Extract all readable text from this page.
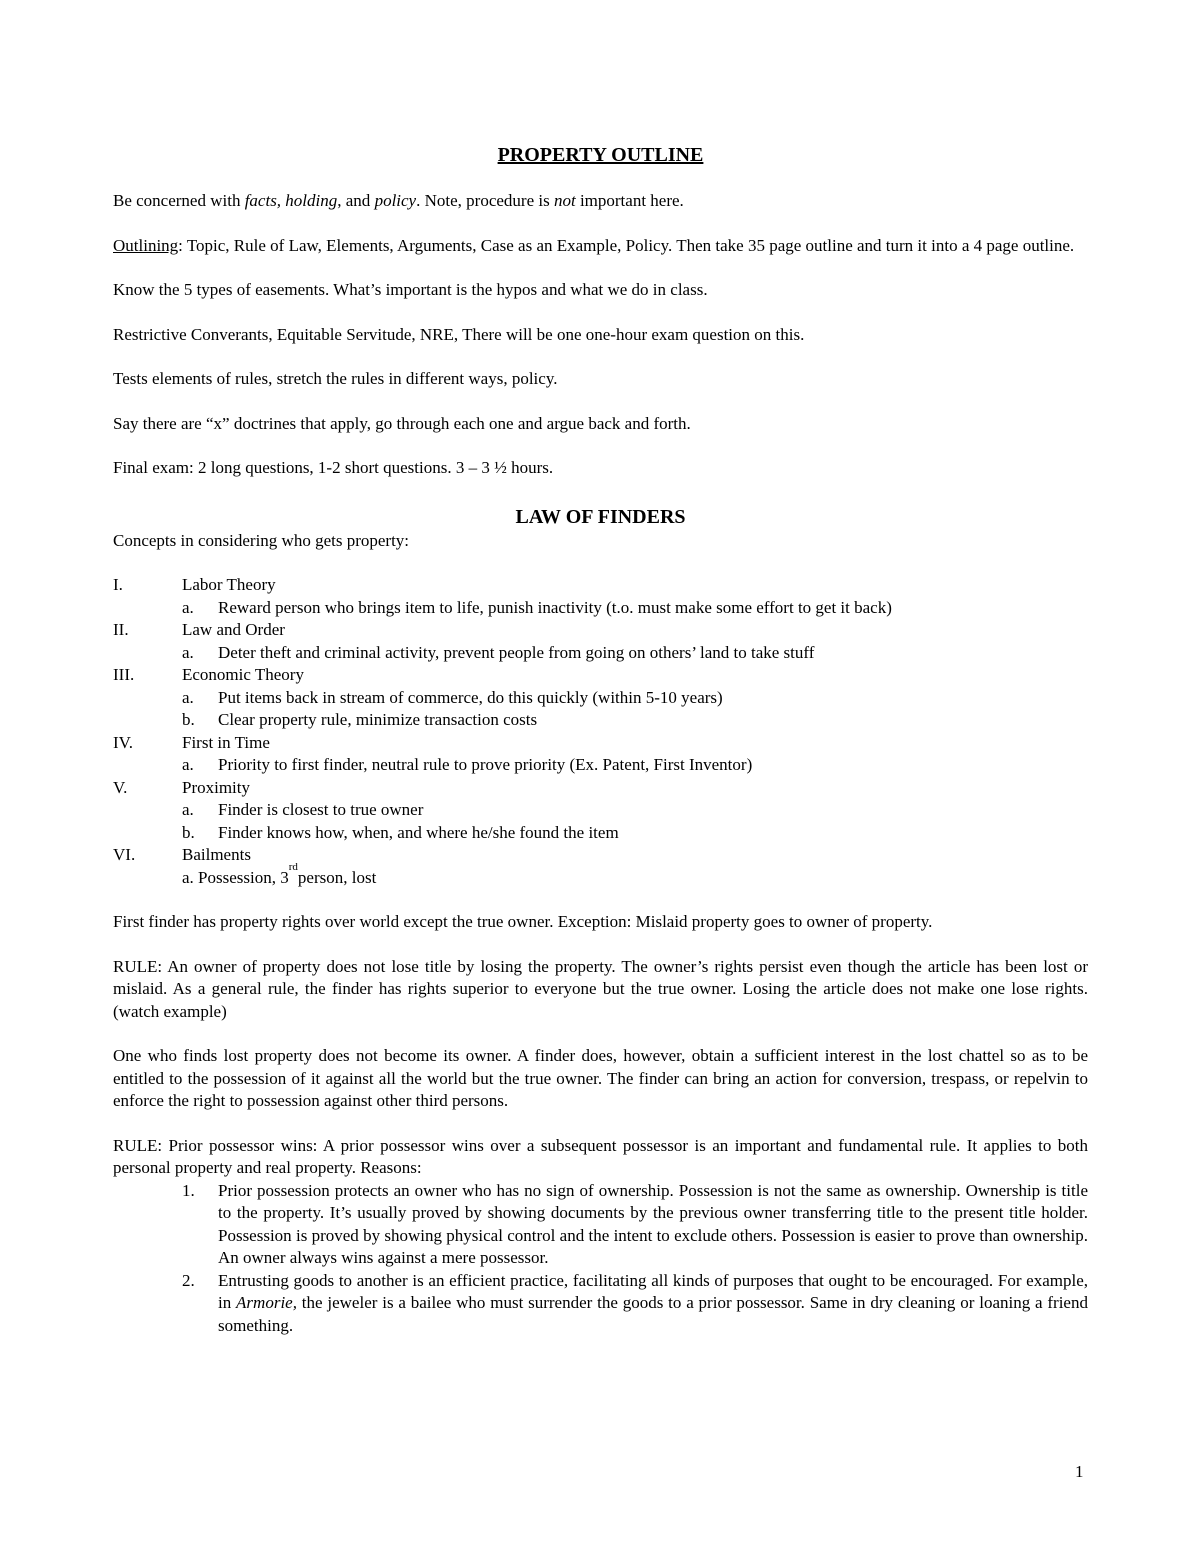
PROPERTY OUTLINE

Be concerned with facts, holding, and policy. Note, procedure is not important here.

Outlining: Topic, Rule of Law, Elements, Arguments, Case as an Example, Policy. Then take 35 page outline and turn it into a 4 page outline.

Know the 5 types of easements. What’s important is the hypos and what we do in class.

Restrictive Converants, Equitable Servitude, NRE, There will be one one-hour exam question on this.

Tests elements of rules, stretch the rules in different ways, policy.

Say there are “x” doctrines that apply, go through each one and argue back and forth.

Final exam: 2 long questions, 1-2 short questions. 3 – 3 ½ hours.

LAW OF FINDERS

Concepts in considering who gets property:

I.	Labor Theory
a.	Reward person who brings item to life, punish inactivity (t.o. must make some effort to get it back)
II.	Law and Order
a.	Deter theft and criminal activity, prevent people from going on others’ land to take stuff
III.	Economic Theory
a.	Put items back in stream of commerce, do this quickly (within 5-10 years)
b.	Clear property rule, minimize transaction costs
IV.	First in Time
a.	Priority to first finder, neutral rule to prove priority (Ex. Patent, First Inventor)
V.	Proximity
a.	Finder is closest to true owner
b.	Finder knows how, when, and where he/she found the item
VI.	Bailments
a. Possession, 3
rd
person, lost

First finder has property rights over world except the true owner. Exception: Mislaid property goes to owner of property.

RULE: An owner of property does not lose title by losing the property. The owner’s rights persist even though the article has been lost or mislaid. As a general rule, the finder has rights superior to everyone but the true owner. Losing the article does not make one lose rights. (watch example)

One who finds lost property does not become its owner. A finder does, however, obtain a sufficient interest in the lost chattel so as to be entitled to the possession of it against all the world but the true owner. The finder can bring an action for conversion, trespass, or repelvin to enforce the right to possession against other third persons.

RULE: Prior possessor wins: A prior possessor wins over a subsequent possessor is an important and fundamental rule. It applies to both personal property and real property. Reasons:

1.	Prior possession protects an owner who has no sign of ownership. Possession is not the same as ownership. Ownership is title to the property. It’s usually proved by showing documents by the previous owner transferring title to the present title holder. Possession is proved by showing physical control and the intent to exclude others. Possession is easier to prove than ownership. An owner always wins against a mere possessor.
2.	Entrusting goods to another is an efficient practice, facilitating all kinds of purposes that ought to be encouraged. For example, in Armorie, the jeweler is a bailee who must surrender the goods to a prior possessor. Same in dry cleaning or loaning a friend something.
1
